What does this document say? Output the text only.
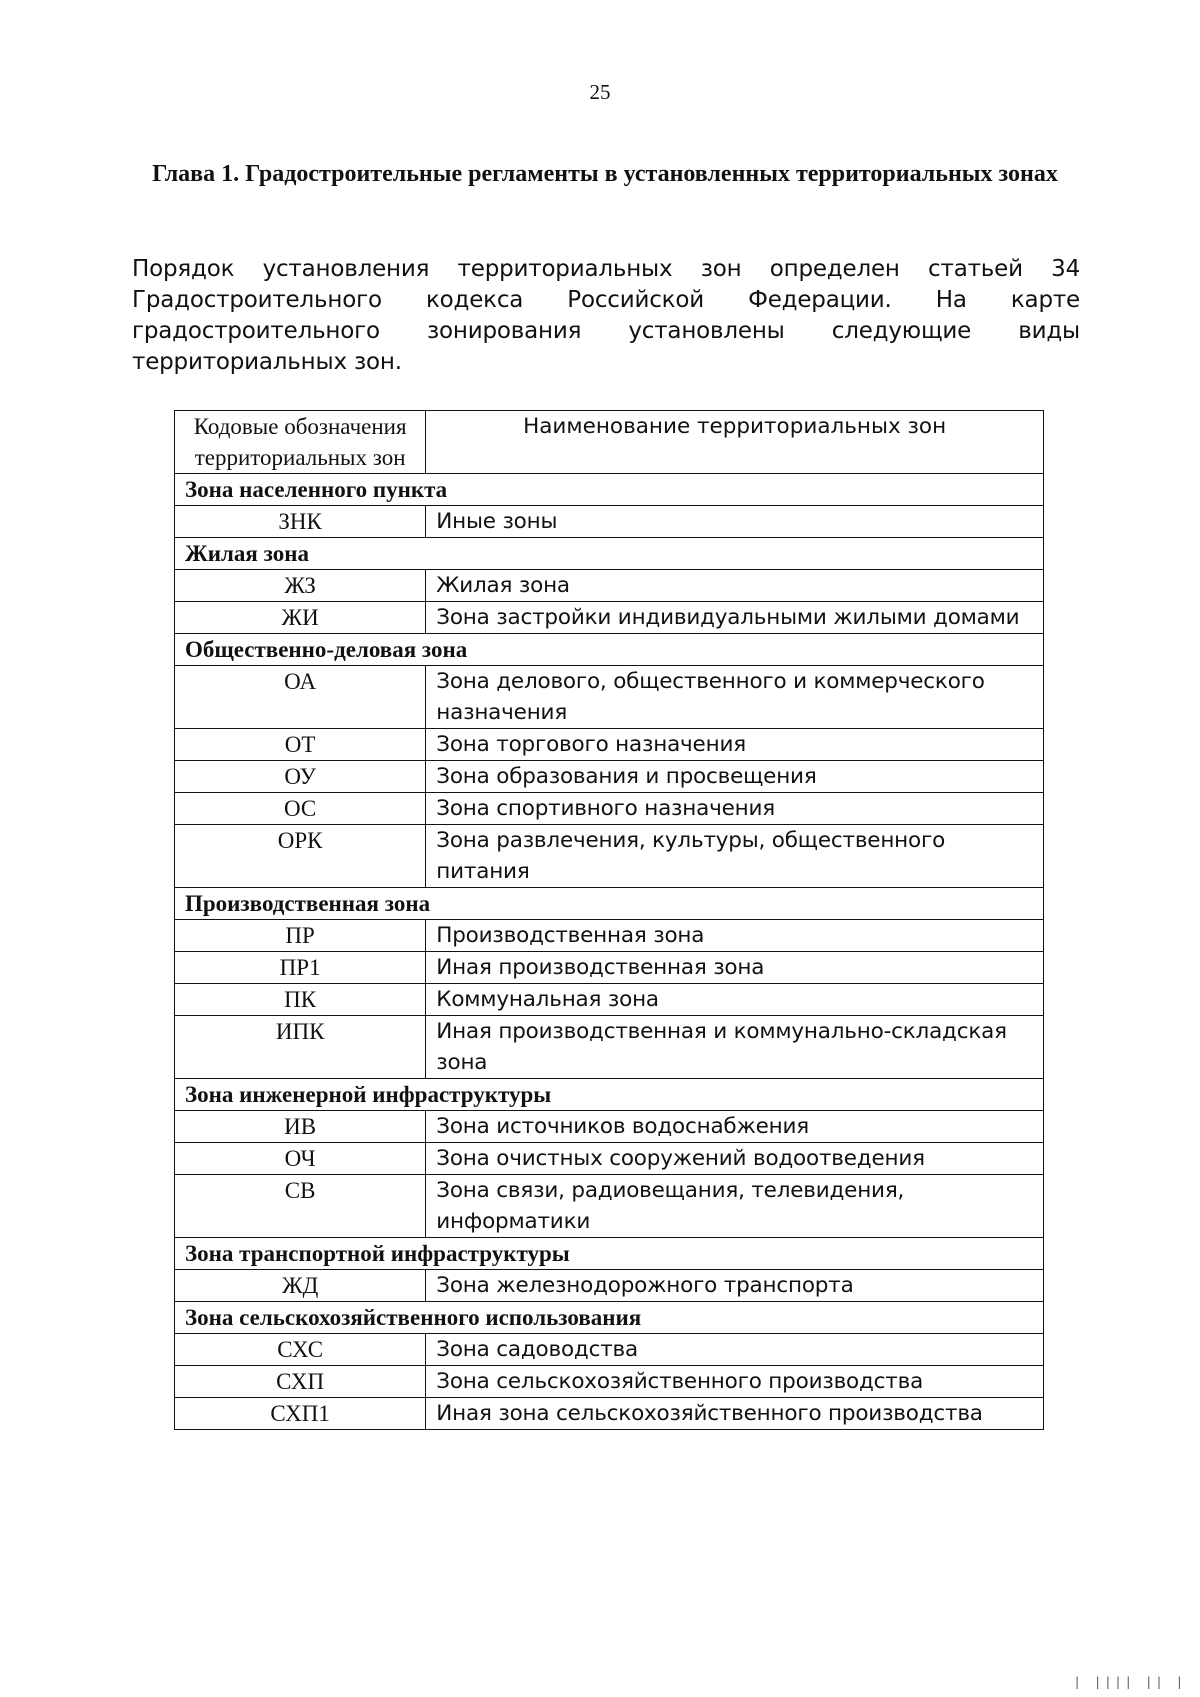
25
Глава 1. Градостроительные регламенты в установленных территориальных зонах

Порядок установления территориальных зон определен статьей 34 Градостроительного кодекса Российской Федерации. На карте градостроительного зонирования установлены следующие виды территориальных зон.

Кодовые обозначения территориальных зон	Наименование территориальных зон
Зона населенного пункта	
ЗНК	Иные зоны
Жилая зона	
ЖЗ	Жилая зона
ЖИ	Зона застройки индивидуальными жилыми домами
Общественно-деловая зона	
ОА	Зона делового, общественного и коммерческого назначения
ОТ	Зона торгового назначения
ОУ	Зона образования и просвещения
ОС	Зона спортивного назначения
ОРК	Зона развлечения, культуры, общественного питания
Производственная зона	
ПР	Производственная зона
ПР1	Иная производственная зона
ПК	Коммунальная зона
ИПК	Иная производственная и коммунально-складская зона
Зона инженерной инфраструктуры	
ИВ	Зона источников водоснабжения
ОЧ	Зона очистных сооружений водоотведения
СВ	Зона связи, радиовещания, телевидения, информатики
Зона транспортной инфраструктуры	
ЖД	Зона железнодорожного транспорта
Зона сельскохозяйственного использования	
СХС	Зона садоводства
СХП	Зона сельскохозяйственного производства
СХП1	Иная зона сельскохозяйственного производства
| |||| || |
